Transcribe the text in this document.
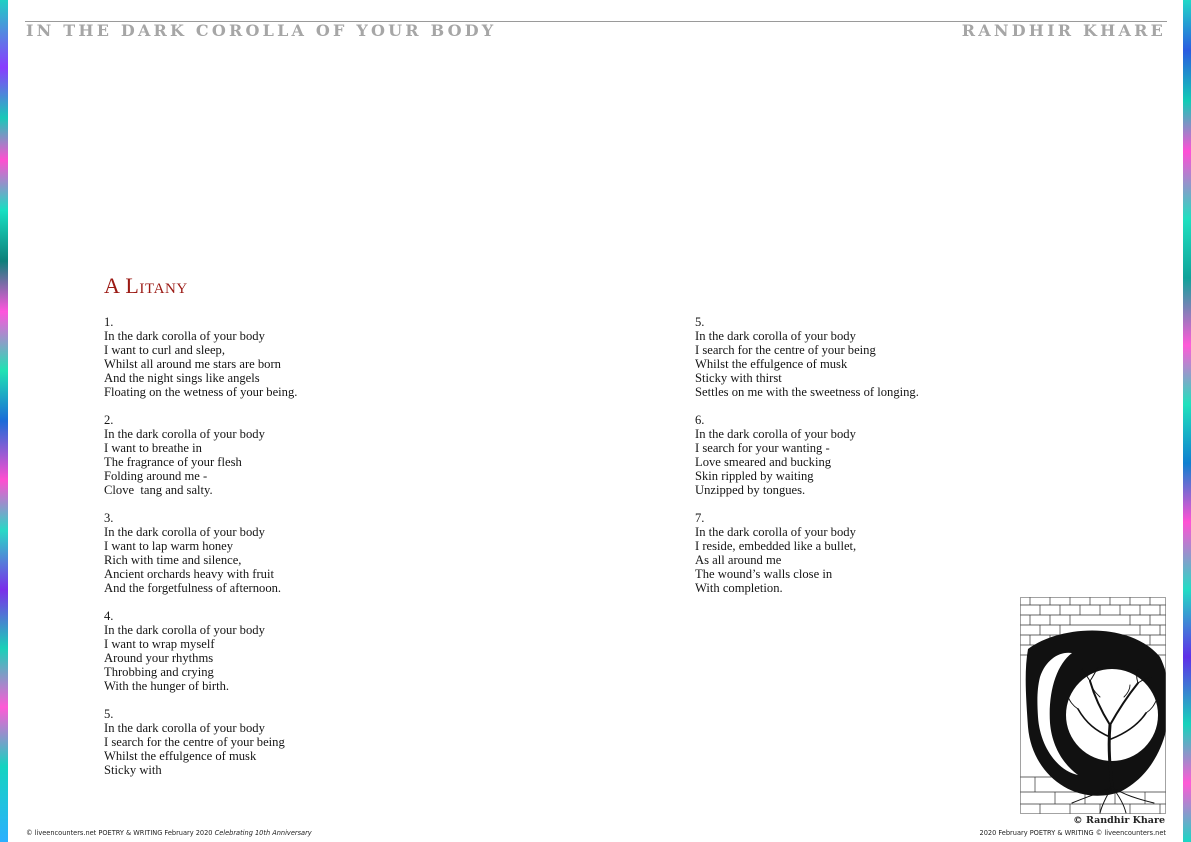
IN THE DARK COROLLA OF YOUR BODY	RANDHIR KHARE
A Litany
1.
In the dark corolla of your body
I want to curl and sleep,
Whilst all around me stars are born
And the night sings like angels
Floating on the wetness of your being.
2.
In the dark corolla of your body
I want to breathe in
The fragrance of your flesh
Folding around me -
Clove  tang and salty.
3.
In the dark corolla of your body
I want to lap warm honey
Rich with time and silence,
Ancient orchards heavy with fruit
And the forgetfulness of afternoon.
4.
In the dark corolla of your body
I want to wrap myself
Around your rhythms
Throbbing and crying
With the hunger of birth.
5.
In the dark corolla of your body
I search for the centre of your being
Whilst the effulgence of musk
Sticky with
5.
In the dark corolla of your body
I search for the centre of your being
Whilst the effulgence of musk
Sticky with thirst
Settles on me with the sweetness of longing.
6.
In the dark corolla of your body
I search for your wanting -
Love smeared and bucking
Skin rippled by waiting
Unzipped by tongues.
7.
In the dark corolla of your body
I reside, embedded like a bullet,
As all around me
The wound’s walls close in
With completion.
© Randhir Khare
© liveencounters.net POETRY & WRITING February 2020 Celebrating 10th Anniversary	2020 February POETRY & WRITING © liveencounters.net
